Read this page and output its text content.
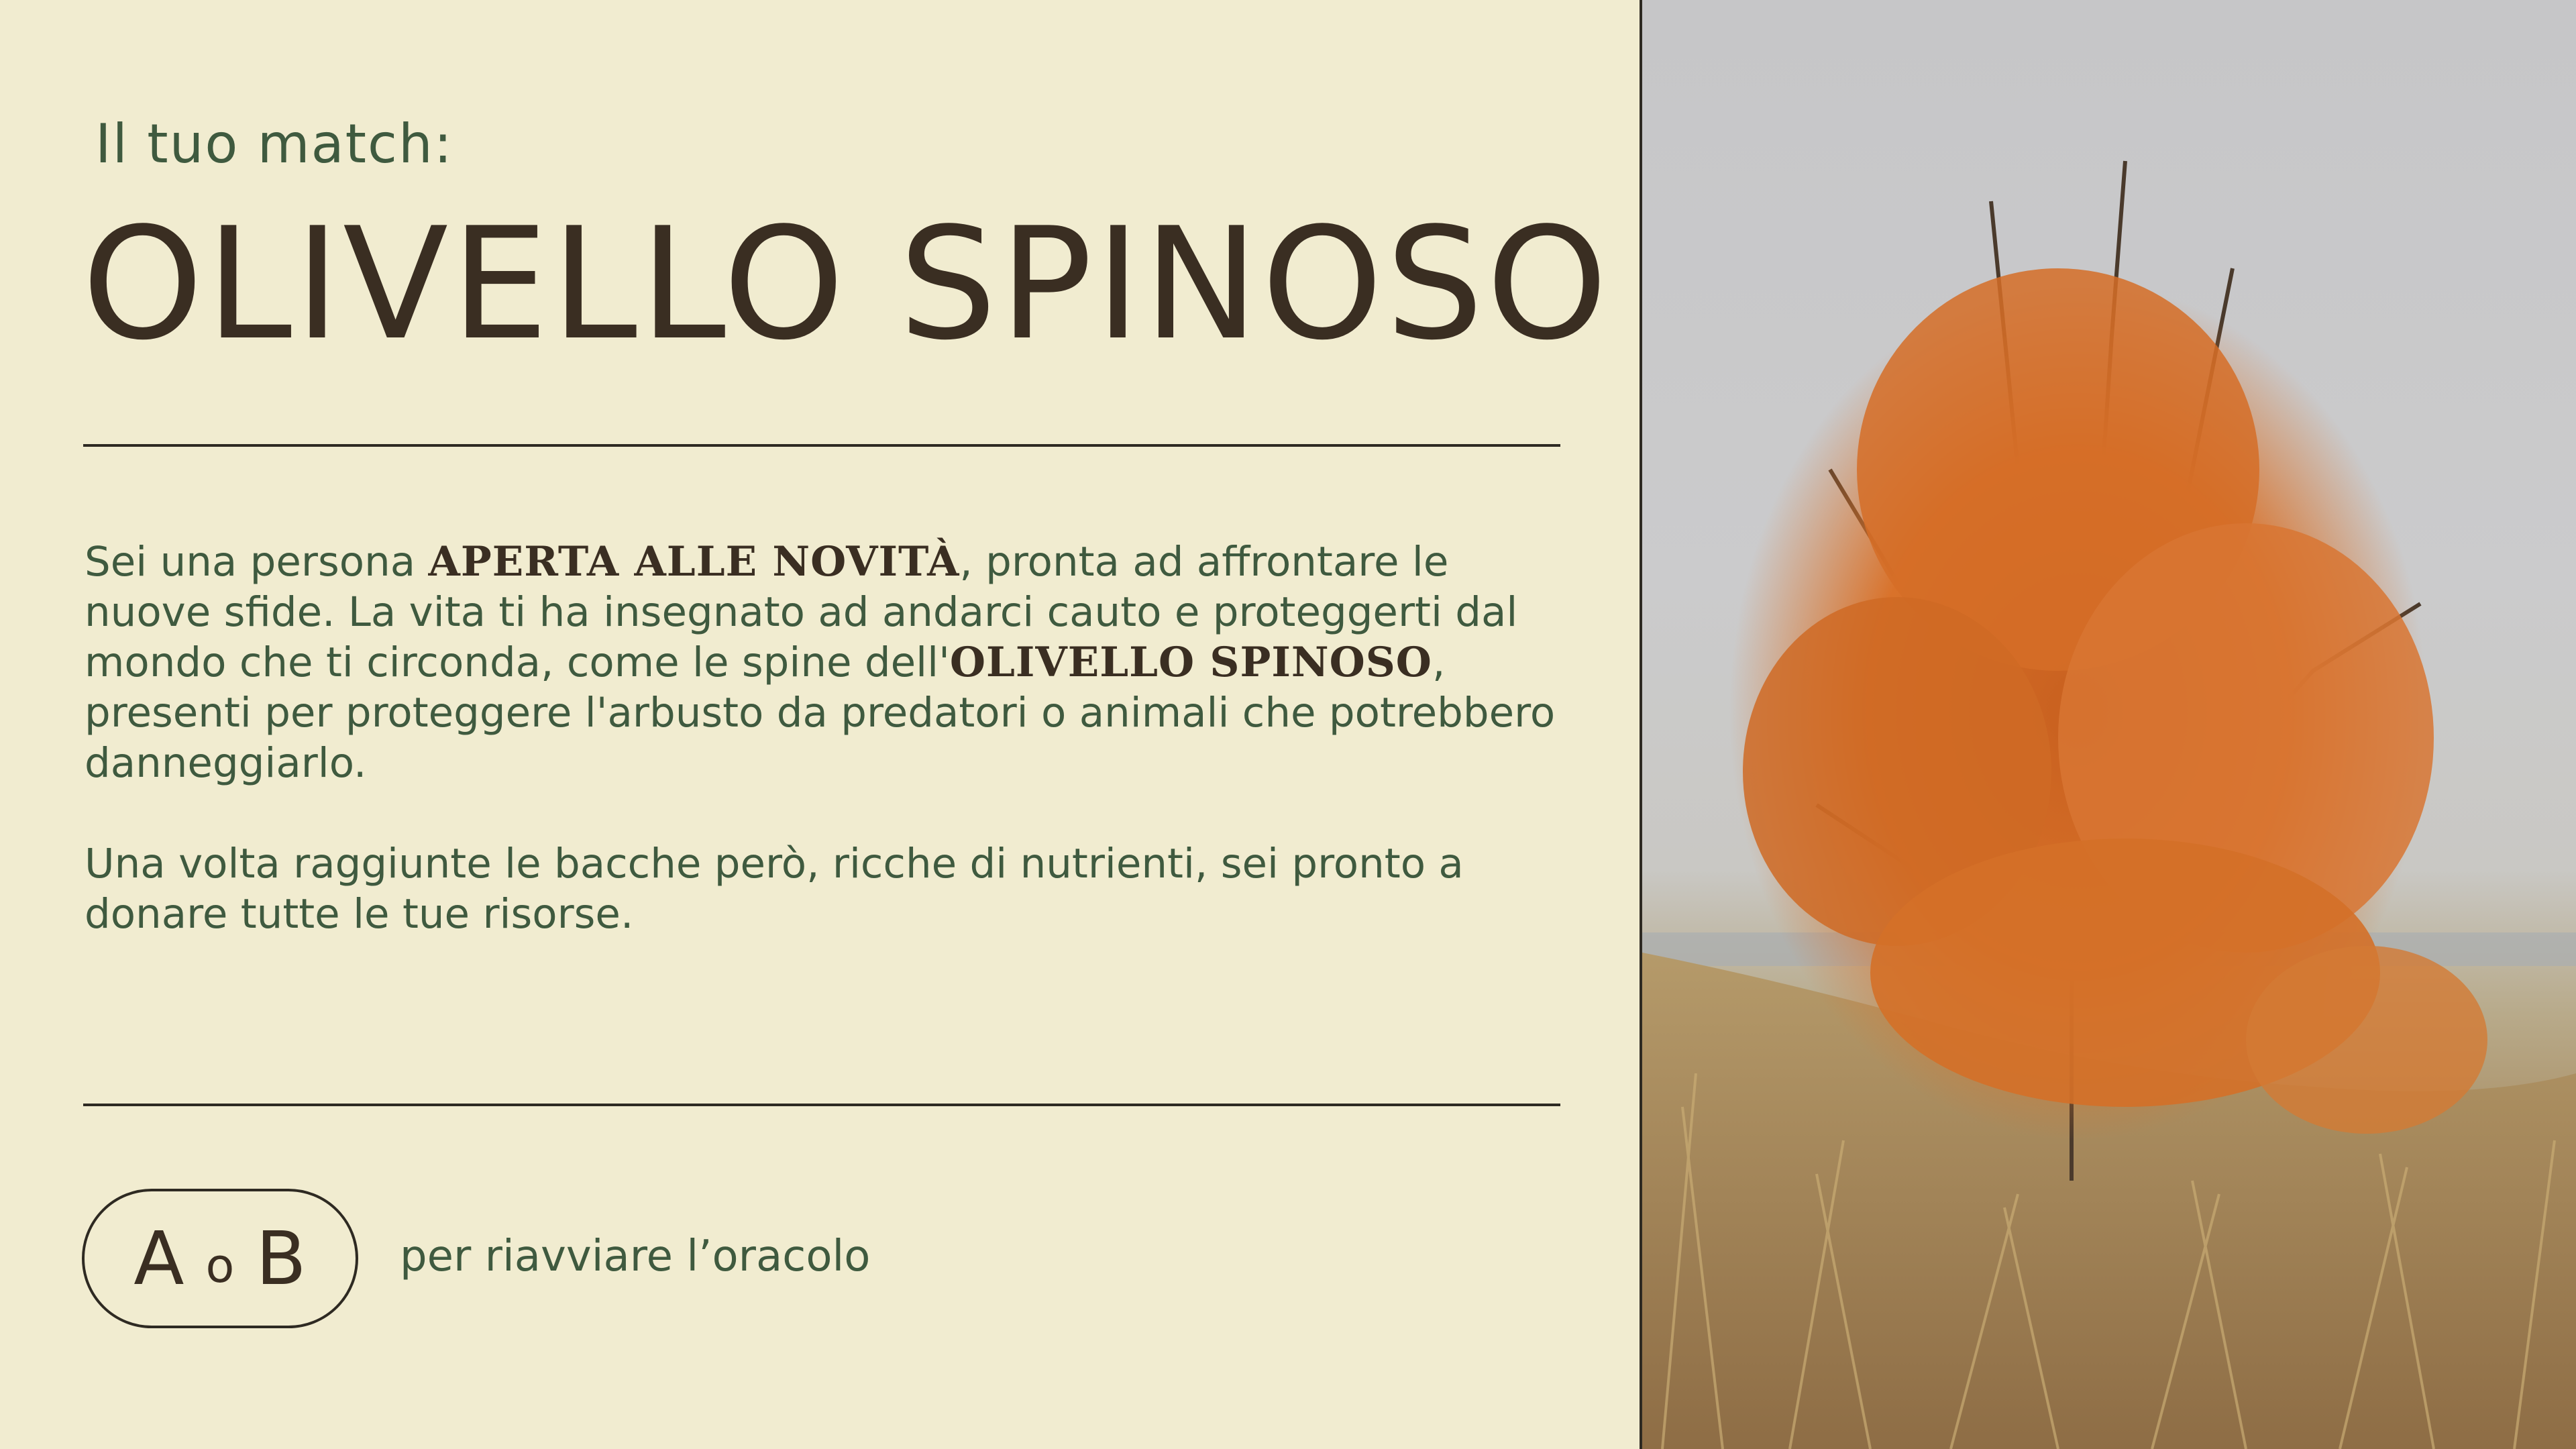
Il tuo match:
OLIVELLO SPINOSO

Sei una persona APERTA ALLE NOVITÀ, pronta ad affrontare le nuove sfide. La vita ti ha insegnato ad andarci cauto e proteggerti dal mondo che ti circonda, come le spine dell'OLIVELLO SPINOSO, presenti per proteggere l'arbusto da predatori o animali che potrebbero danneggiarlo.

Una volta raggiunte le bacche però, ricche di nutrienti, sei pronto a donare tutte le tue risorse.

A o B per riavviare l’oracolo
